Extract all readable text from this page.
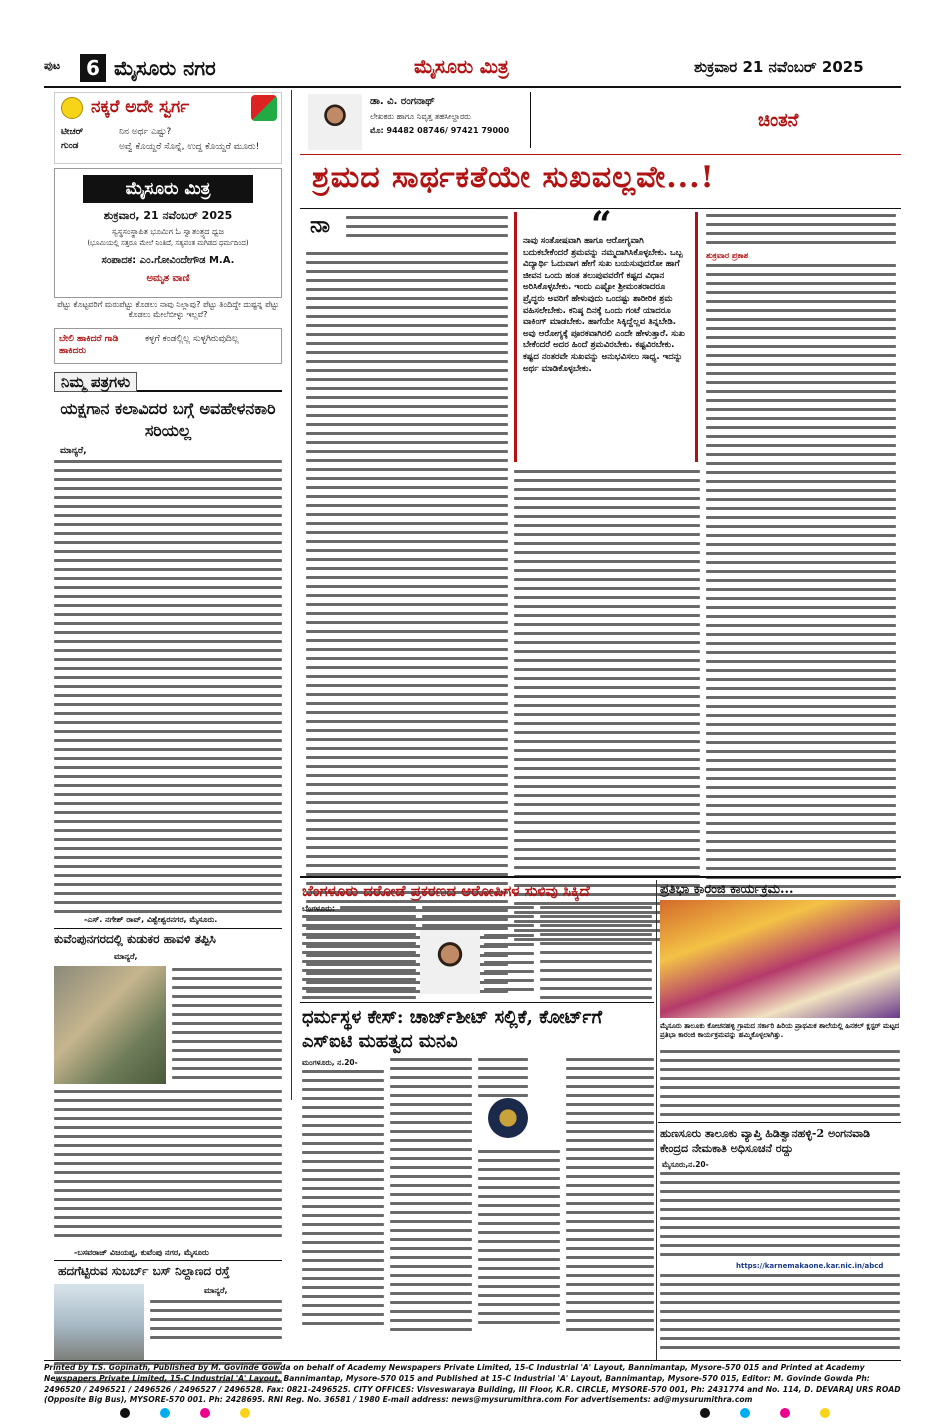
ಪುಟ	6 ಮೈಸೂರು ನಗರ	ಮೈಸೂರು ಮಿತ್ರ	ಶುಕ್ರವಾರ 21 ನವೆಂಬರ್ 2025
ನಕ್ಕರೆ ಅದೇ ಸ್ವರ್ಗ
ಟೀಚರ್	ನಿನ ಅರ್ಥ ಎಷ್ಟು?
ಗುಂಡ	ಅವ್ವೆ ಕೊಯ್ದರೆ ಸೊನ್ನೆ, ಉದ್ದ ಕೊಯ್ದರೆ ಮೂರು!
ಮೈಸೂರು ಮಿತ್ರ
ಶುಕ್ರವಾರ, 21 ನವೆಂಬರ್ 2025
ಸ್ವಸ್ಥಸಂಸ್ಥಾಪಿತ ಭೂಮಿಗ ಓ ಸ್ವಾತಂತ್ರ್ಯದ ಧ್ವಜ
(ಭೂಮಿಯಲ್ಲಿ ಸತ್ತರೂ ಮೇಲೆ ನಿಂತಿದೆ, ಸತ್ಯವಂತ ಮಗಿಡದ ಧರ್ಮದಿಂದ)
ಸಂಪಾದಕ: ಎಂ.ಗೋವಿಂದೇಗೌಡ M.A.
ಅಮೃತ ವಾಣಿ
ಪೆಟ್ಟು ಕೊಟ್ಟವರಿಗೆ ಮರುಪೆಟ್ಟು ಕೊಡಲು ನಾವು ನಿಲ್ಲಾವು? ಪೆಟ್ಟು ತಿಂದಿದ್ದೇ ದುಷ್ಟನ್ನ ಪೆಟ್ಟು ಕೊಡಲು ಮೇಲೆಬೀಳ್ಳು ಇಲ್ಲವೆ?
ಬೇಲಿ ಹಾಕಿದರೆ ಗಾಡಿ ಹಾಕಿದರು
ಕಳ್ಳಗೆ ಕಂಡಲ್ಲಿಲ್ಲ ಸುಳ್ಳಗಿರುವುದಿಲ್ಲ
ನಿಮ್ಮ ಪತ್ರಗಳು
ಯಕ್ಷಗಾನ ಕಲಾವಿದರ ಬಗ್ಗೆ ಅವಹೇಳನಕಾರಿ ಸರಿಯಲ್ಲ
ಮಾನ್ಯರೆ,
-ಎಸ್. ನಗೇಶ್ ರಾವ್, ವಿಶ್ವೇಶ್ವರನಗರ, ಮೈಸೂರು.
ಕುವೆಂಪುನಗರದಲ್ಲಿ ಕುಡುಕರ ಹಾವಳಿ ತಪ್ಪಿಸಿ
ಮಾನ್ಯರೆ,
-ಬಸವರಾಜ್ ವಿಜಯಪ್ಪ, ಕುವೆಂಪು ನಗರ, ಮೈಸೂರು
ಹದಗೆಟ್ಟಿರುವ ಸುಬರ್ಬ್ ಬಸ್ ನಿಲ್ದಾಣದ ರಸ್ತೆ
ಮಾನ್ಯರೆ,
ಡಾ. ವಿ. ರಂಗನಾಥ್
ಲೇಖಕರು ಹಾಗೂ ನಿವೃತ್ತ ತಹಸೀಲ್ದಾರರು
ಮೊ: 94482 08746/ 97421 79000	ಚಿಂತನೆ
ಶ್ರಮದ ಸಾರ್ಥಕತೆಯೇ ಸುಖವಲ್ಲವೇ...!
ನಾ	“
ನಾವು ಸಂತೋಷವಾಗಿ ಹಾಗೂ ಆರೋಗ್ಯವಾಗಿ ಬದುಕಬೇಕೆಂದರೆ ಶ್ರಮವನ್ನು ನಮ್ಮದಾಗಿಸಿಕೊಳ್ಳಬೇಕು. ಒಬ್ಬ ವಿದ್ಯಾರ್ಥಿ ಓದುವಾಗ ಹೇಗೆ ಸುಖ ಬಯಸುವುದರೋ ಹಾಗೆ ಜೀವನ ಒಂದು ಹಂತ ತಲುಪುವವರೆಗೆ ಕಷ್ಟದ ವಿಧಾನ ಅರಿಸಿಕೊಳ್ಳಬೇಕು. ಇಂದು ಎಷ್ಟೋ ಶ್ರೀಮಂತರಾದರೂ ಪ್ರೈದ್ಧರು ಅವರಿಗೆ ಹೇಳುವುದು ಒಂದಷ್ಟು ಶಾರೀರಿಕ ಶ್ರಮ ವಹಿಸಲೇಬೇಕು. ಕನಿಷ್ಠ ದಿನಕ್ಕೆ ಒಂದು ಗಂಟೆ ಯಾದರೂ ವಾಕಿಂಗ್ ಮಾಡಬೇಕು. ಹಾಗೆಯೇ ಸಿಕ್ಕಿದ್ದೆಲ್ಲವ ತಿನ್ನಬೇಡಿ. ಅವು ಆರೋಗ್ಯಕ್ಕೆ ಪೂರಕವಾಗಿರಲಿ ಎಂದೇ ಹೇಳುತ್ತಾರೆ. ಸುಖ ಬೇಕೆಂದರೆ ಅದರ ಹಿಂದೆ ಶ್ರಮವಿರಬೇಕು. ಕಷ್ಟವಿರಬೇಕು. ಕಷ್ಟದ ನಂತರವೇ ಸುಖವನ್ನು ಅನುಭವಿಸಲು ಸಾಧ್ಯ. ಇದನ್ನು ಅರ್ಥ ಮಾಡಿಕೊಳ್ಳಬೇಕು.
ಶುಕ್ರವಾರ ಪ್ರಕಾಶ
ಬೆಂಗಳೂರು ದರೋಡೆ ಪ್ರಕರಣದ ಆರೋಪಿಗಳ ಸುಳಿವು ಸಿಕ್ಕಿದೆ
ಬೆಂಗಳೂರು:
ಧರ್ಮಸ್ಥಳ ಕೇಸ್: ಚಾರ್ಜ್‌ಶೀಟ್ ಸಲ್ಲಿಕೆ, ಕೋರ್ಟ್‌ಗೆ ಎಸ್‌ಐಟಿ ಮಹತ್ವದ ಮನವಿ
ಮಂಗಳೂರು, ನ.20-
ಪ್ರತಿಭಾ ಕಾರಂಜಿ ಕಾರ್ಯಕ್ರಮ...
ಮೈಸೂರು ತಾಲೂಕು ಕೋಚನಹಳ್ಳಿ ಗ್ರಾಮದ ಸರ್ಕಾರಿ ಹಿರಿಯ ಪ್ರಾಥಮಿಕ ಶಾಲೆಯಲ್ಲಿ ಹಿನಕಲ್ ಕ್ಲಸ್ಟರ್ ಮಟ್ಟದ ಪ್ರತಿಭಾ ಕಾರಂಜಿ ಕಾರ್ಯಕ್ರಮವನ್ನು ಹಮ್ಮಿಕೊಳ್ಳಲಾಗಿತ್ತು.
ಹುಣಸೂರು ತಾಲೂಕು ವ್ಯಾಪ್ತಿ ಹಿಡಿತ್ವಾನಹಳ್ಳಿ-2 ಅಂಗನವಾಡಿ ಕೇಂದ್ರದ ನೇಮಕಾತಿ ಅಧಿಸೂಚನೆ ರದ್ದು
ಮೈಸೂರು,ನ.20-
https://karnemakaone.kar.nic.in/abcd
Printed by T.S. Gopinath, Published by M. Govinde Gowda on behalf of Academy Newspapers Private Limited, 15-C Industrial 'A' Layout, Bannimantap, Mysore-570 015 and Printed at Academy Newspapers Private Limited, 15-C Industrial 'A' Layout, Bannimantap, Mysore-570 015 and Published at 15-C Industrial 'A' Layout, Bannimantap, Mysore-570 015, Editor: M. Govinde Gowda Ph: 2496520 / 2496521 / 2496526 / 2496527 / 2496528. Fax: 0821-2496525. CITY OFFICES: Visveswaraya Building, III Floor, K.R. CIRCLE, MYSORE-570 001, Ph: 2431774 and No. 114, D. DEVARAJ URS ROAD (Opposite Big Bus), MYSORE-570 001. Ph: 2428695. RNI Reg. No. 36581 / 1980 E-mail address: news@mysurumithra.com For advertisements: ad@mysurumithra.com
